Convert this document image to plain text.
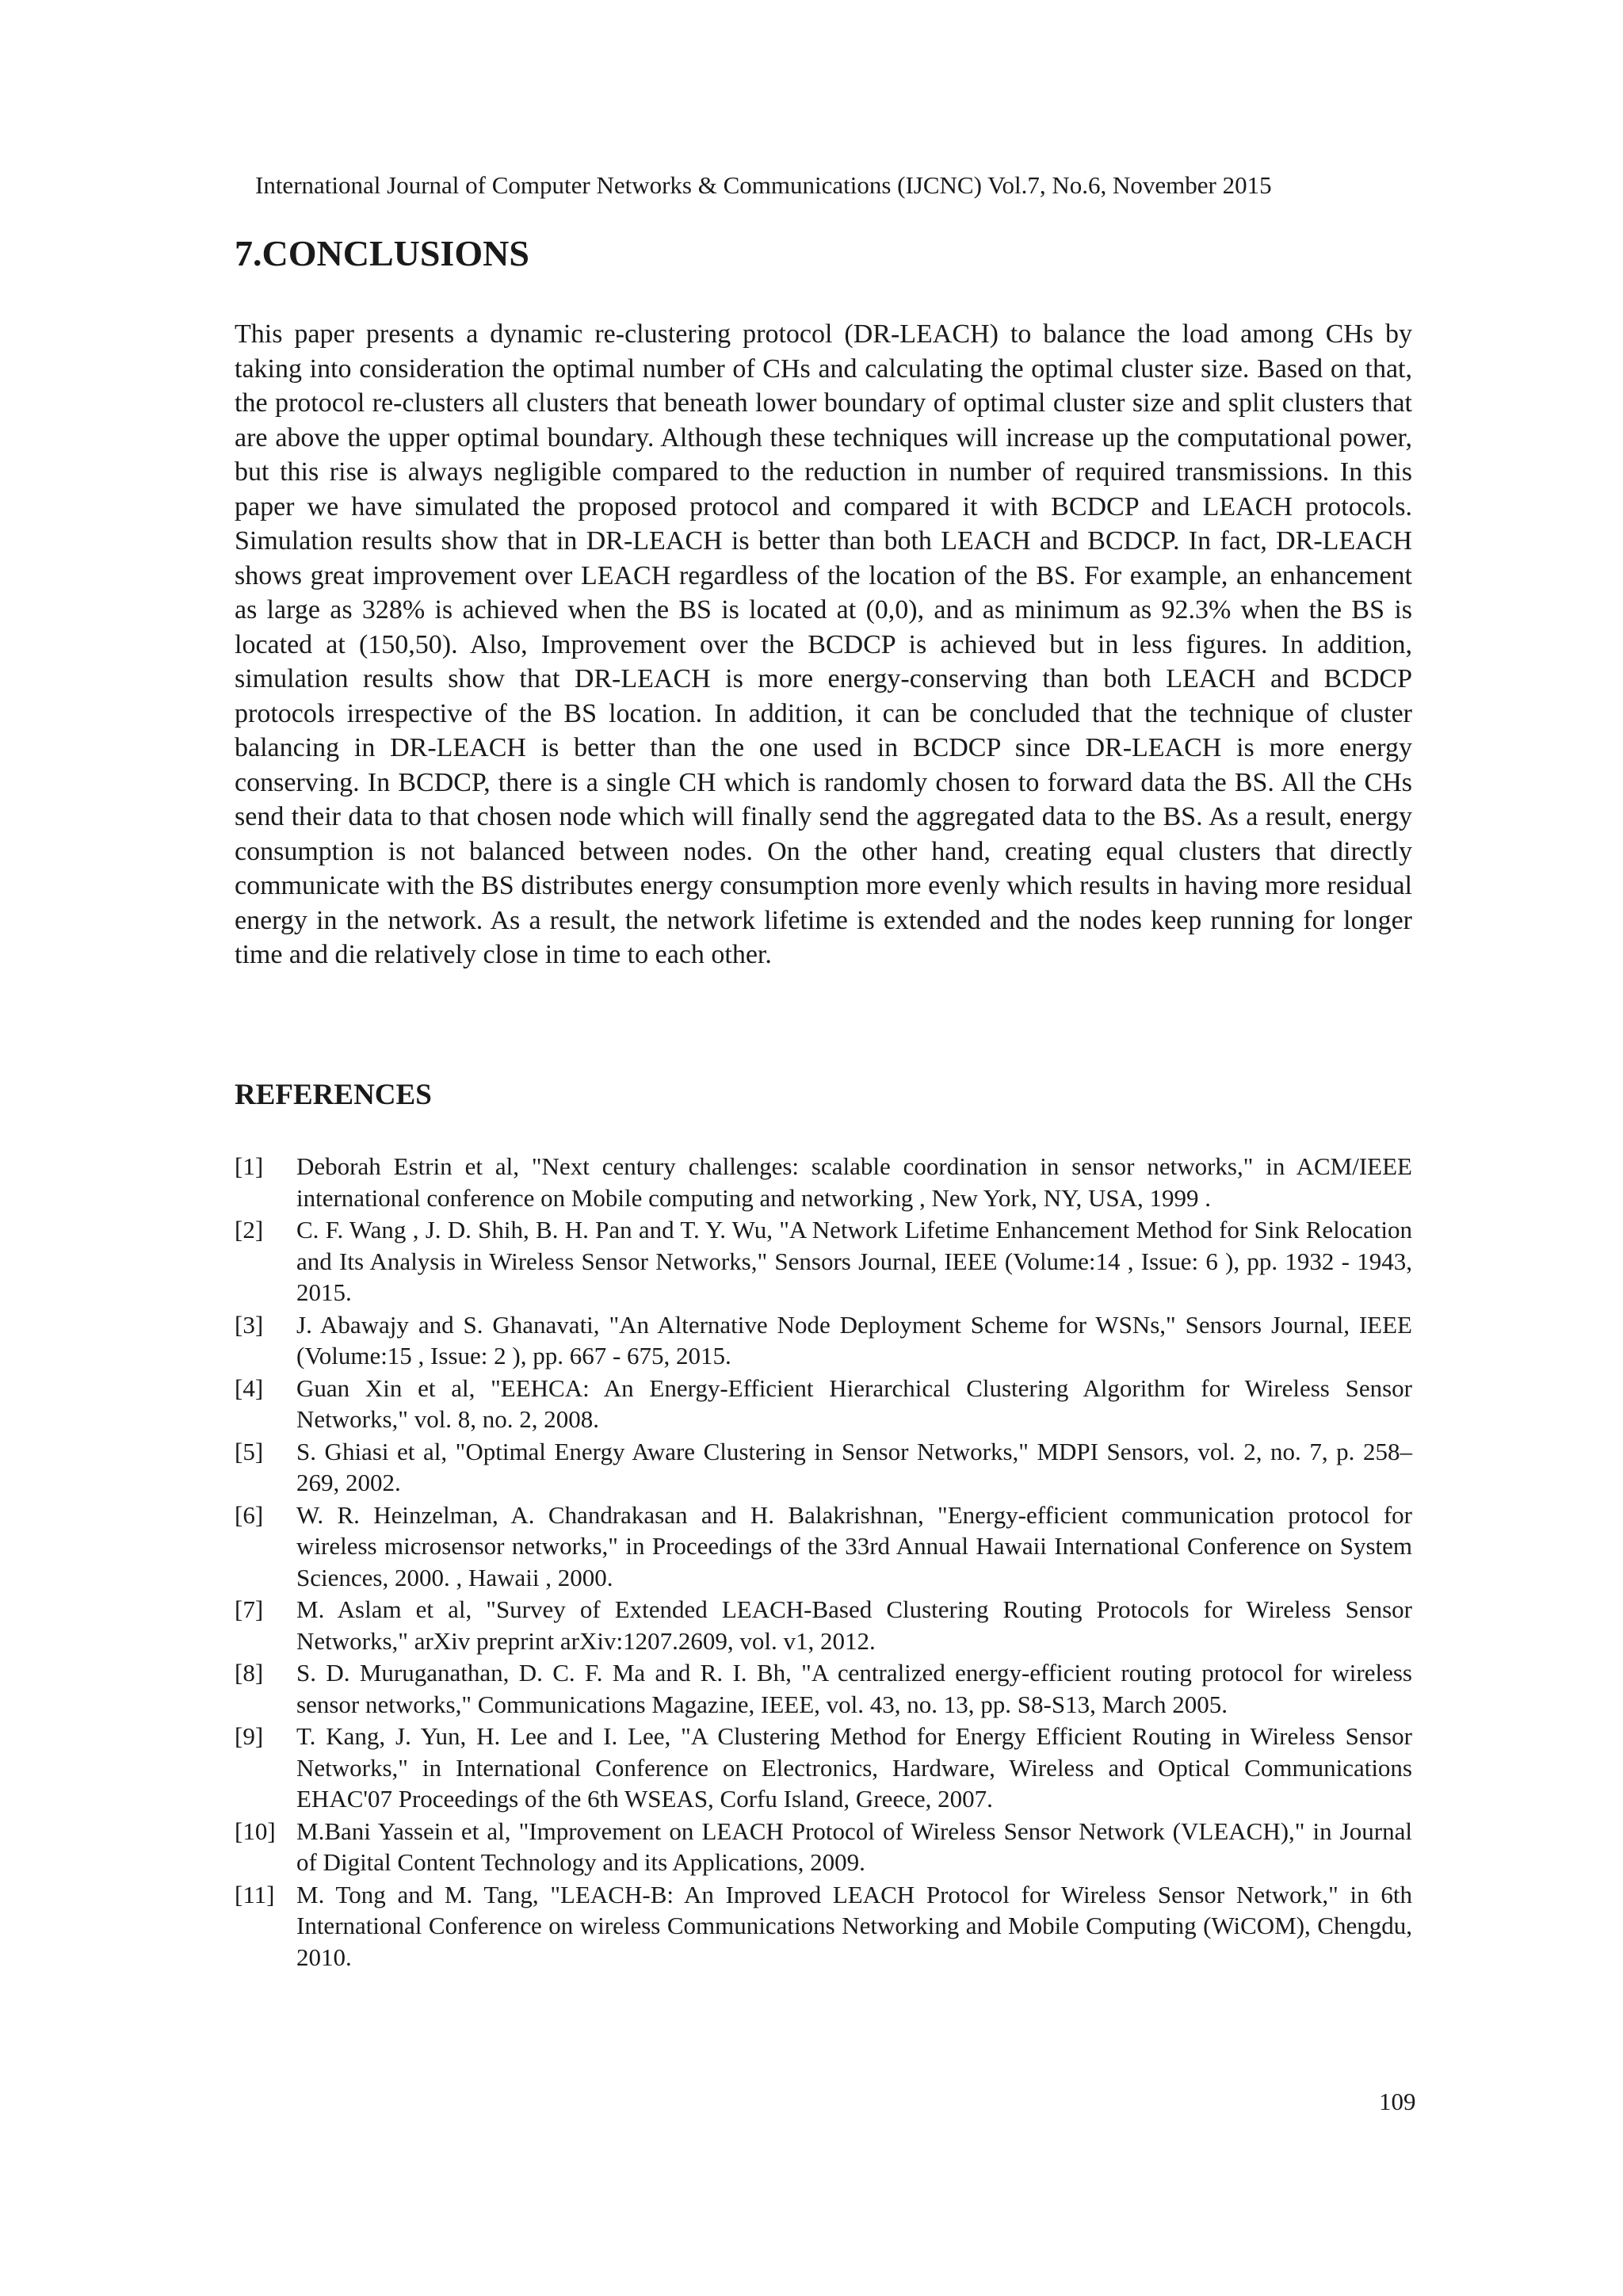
International Journal of Computer Networks & Communications (IJCNC) Vol.7, No.6, November 2015
7.CONCLUSIONS

This paper presents a dynamic re-clustering protocol (DR-LEACH) to balance the load among CHs by taking into consideration the optimal number of CHs and calculating the optimal cluster size. Based on that, the protocol re-clusters all clusters that beneath lower boundary of optimal cluster size and split clusters that are above the upper optimal boundary. Although these techniques will increase up the computational power, but this rise is always negligible compared to the reduction in number of required transmissions. In this paper we have simulated the proposed protocol and compared it with BCDCP and LEACH protocols. Simulation results show that in DR-LEACH is better than both LEACH and BCDCP. In fact, DR-LEACH shows great improvement over LEACH regardless of the location of the BS. For example, an enhancement as large as 328% is achieved when the BS is located at (0,0), and as minimum as 92.3% when the BS is located at (150,50). Also, Improvement over the BCDCP is achieved but in less figures. In addition, simulation results show that DR-LEACH is more energy-conserving than both LEACH and BCDCP protocols irrespective of the BS location. In addition, it can be concluded that the technique of cluster balancing in DR-LEACH is better than the one used in BCDCP since DR-LEACH is more energy conserving. In BCDCP, there is a single CH which is randomly chosen to forward data the BS. All the CHs send their data to that chosen node which will finally send the aggregated data to the BS. As a result, energy consumption is not balanced between nodes. On the other hand, creating equal clusters that directly communicate with the BS distributes energy consumption more evenly which results in having more residual energy in the network. As a result, the network lifetime is extended and the nodes keep running for longer time and die relatively close in time to each other.

REFERENCES
[1]	Deborah Estrin et al, "Next century challenges: scalable coordination in sensor networks," in ACM/IEEE international conference on Mobile computing and networking , New York, NY, USA, 1999 .
[2]	C. F. Wang , J. D. Shih, B. H. Pan and T. Y. Wu, "A Network Lifetime Enhancement Method for Sink Relocation and Its Analysis in Wireless Sensor Networks," Sensors Journal, IEEE (Volume:14 , Issue: 6 ), pp. 1932 - 1943, 2015.
[3]	J. Abawajy and S. Ghanavati, "An Alternative Node Deployment Scheme for WSNs," Sensors Journal, IEEE (Volume:15 , Issue: 2 ), pp. 667 - 675, 2015.
[4]	Guan Xin et al, "EEHCA: An Energy-Efficient Hierarchical Clustering Algorithm for Wireless Sensor Networks," vol. 8, no. 2, 2008.
[5]	S. Ghiasi et al, "Optimal Energy Aware Clustering in Sensor Networks," MDPI Sensors, vol. 2, no. 7, p. 258–269, 2002.
[6]	W. R. Heinzelman, A. Chandrakasan and H. Balakrishnan, "Energy-efficient communication protocol for wireless microsensor networks," in Proceedings of the 33rd Annual Hawaii International Conference on System Sciences, 2000. , Hawaii , 2000.
[7]	M. Aslam et al, "Survey of Extended LEACH-Based Clustering Routing Protocols for Wireless Sensor Networks," arXiv preprint arXiv:1207.2609, vol. v1, 2012.
[8]	S. D. Muruganathan, D. C. F. Ma and R. I. Bh, "A centralized energy-efficient routing protocol for wireless sensor networks," Communications Magazine, IEEE, vol. 43, no. 13, pp. S8-S13, March 2005.
[9]	T. Kang, J. Yun, H. Lee and I. Lee, "A Clustering Method for Energy Efficient Routing in Wireless Sensor Networks," in International Conference on Electronics, Hardware, Wireless and Optical Communications EHAC'07 Proceedings of the 6th WSEAS, Corfu Island, Greece, 2007.
[10] M.Bani Yassein et al, "Improvement on LEACH Protocol of Wireless Sensor Network (VLEACH)," in Journal of Digital Content Technology and its Applications, 2009.
[11] M. Tong and M. Tang, "LEACH-B: An Improved LEACH Protocol for Wireless Sensor Network," in 6th International Conference on wireless Communications Networking and Mobile Computing (WiCOM), Chengdu, 2010.
109
